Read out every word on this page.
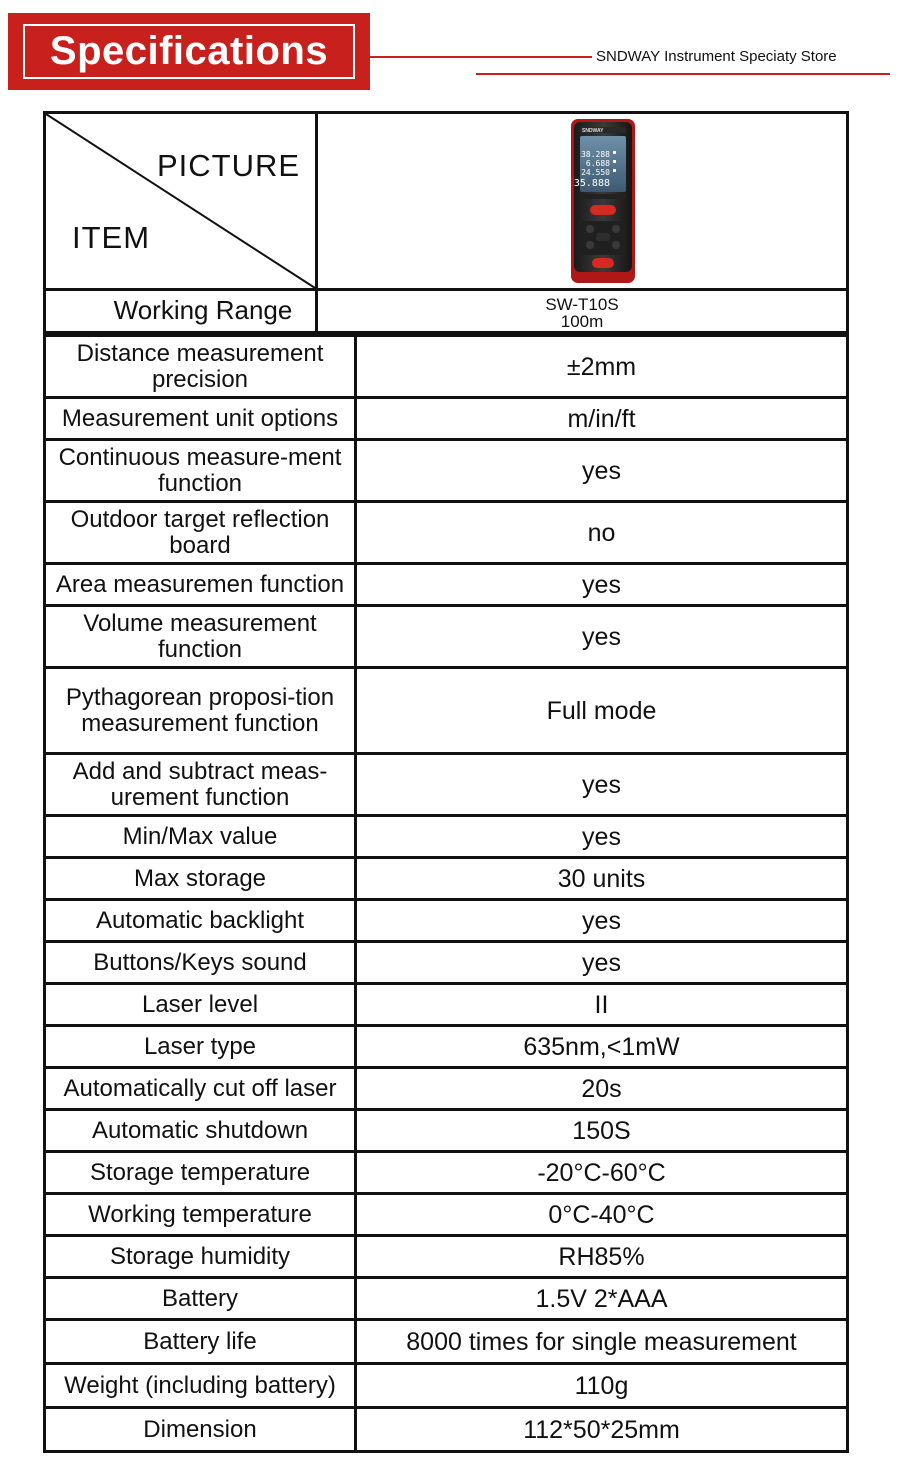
Specifications	SNDWAY Instrument Speciaty Store
PICTURE
ITEM
SNDWAY
38.288
6.688
24.550
35.888
Working Range	SW-T10S
100m
Distance measurement precision	±2mm
Measurement unit options	m/in/ft
Continuous measure-ment function	yes
Outdoor target reflection board	no
Area measuremen function	yes
Volume measurement function	yes
Pythagorean proposi-tion measurement function	Full mode
Add and subtract meas-urement function	yes
Min/Max value	yes
Max storage	30 units
Automatic backlight	yes
Buttons/Keys sound	yes
Laser level	II
Laser type	635nm,<1mW
Automatically cut off laser	20s
Automatic shutdown	150S
Storage temperature	-20°C-60°C
Working temperature	0°C-40°C
Storage humidity	RH85%
Battery	1.5V 2*AAA
Battery life	8000 times for single measurement
Weight (including battery)	110g
Dimension	112*50*25mm
